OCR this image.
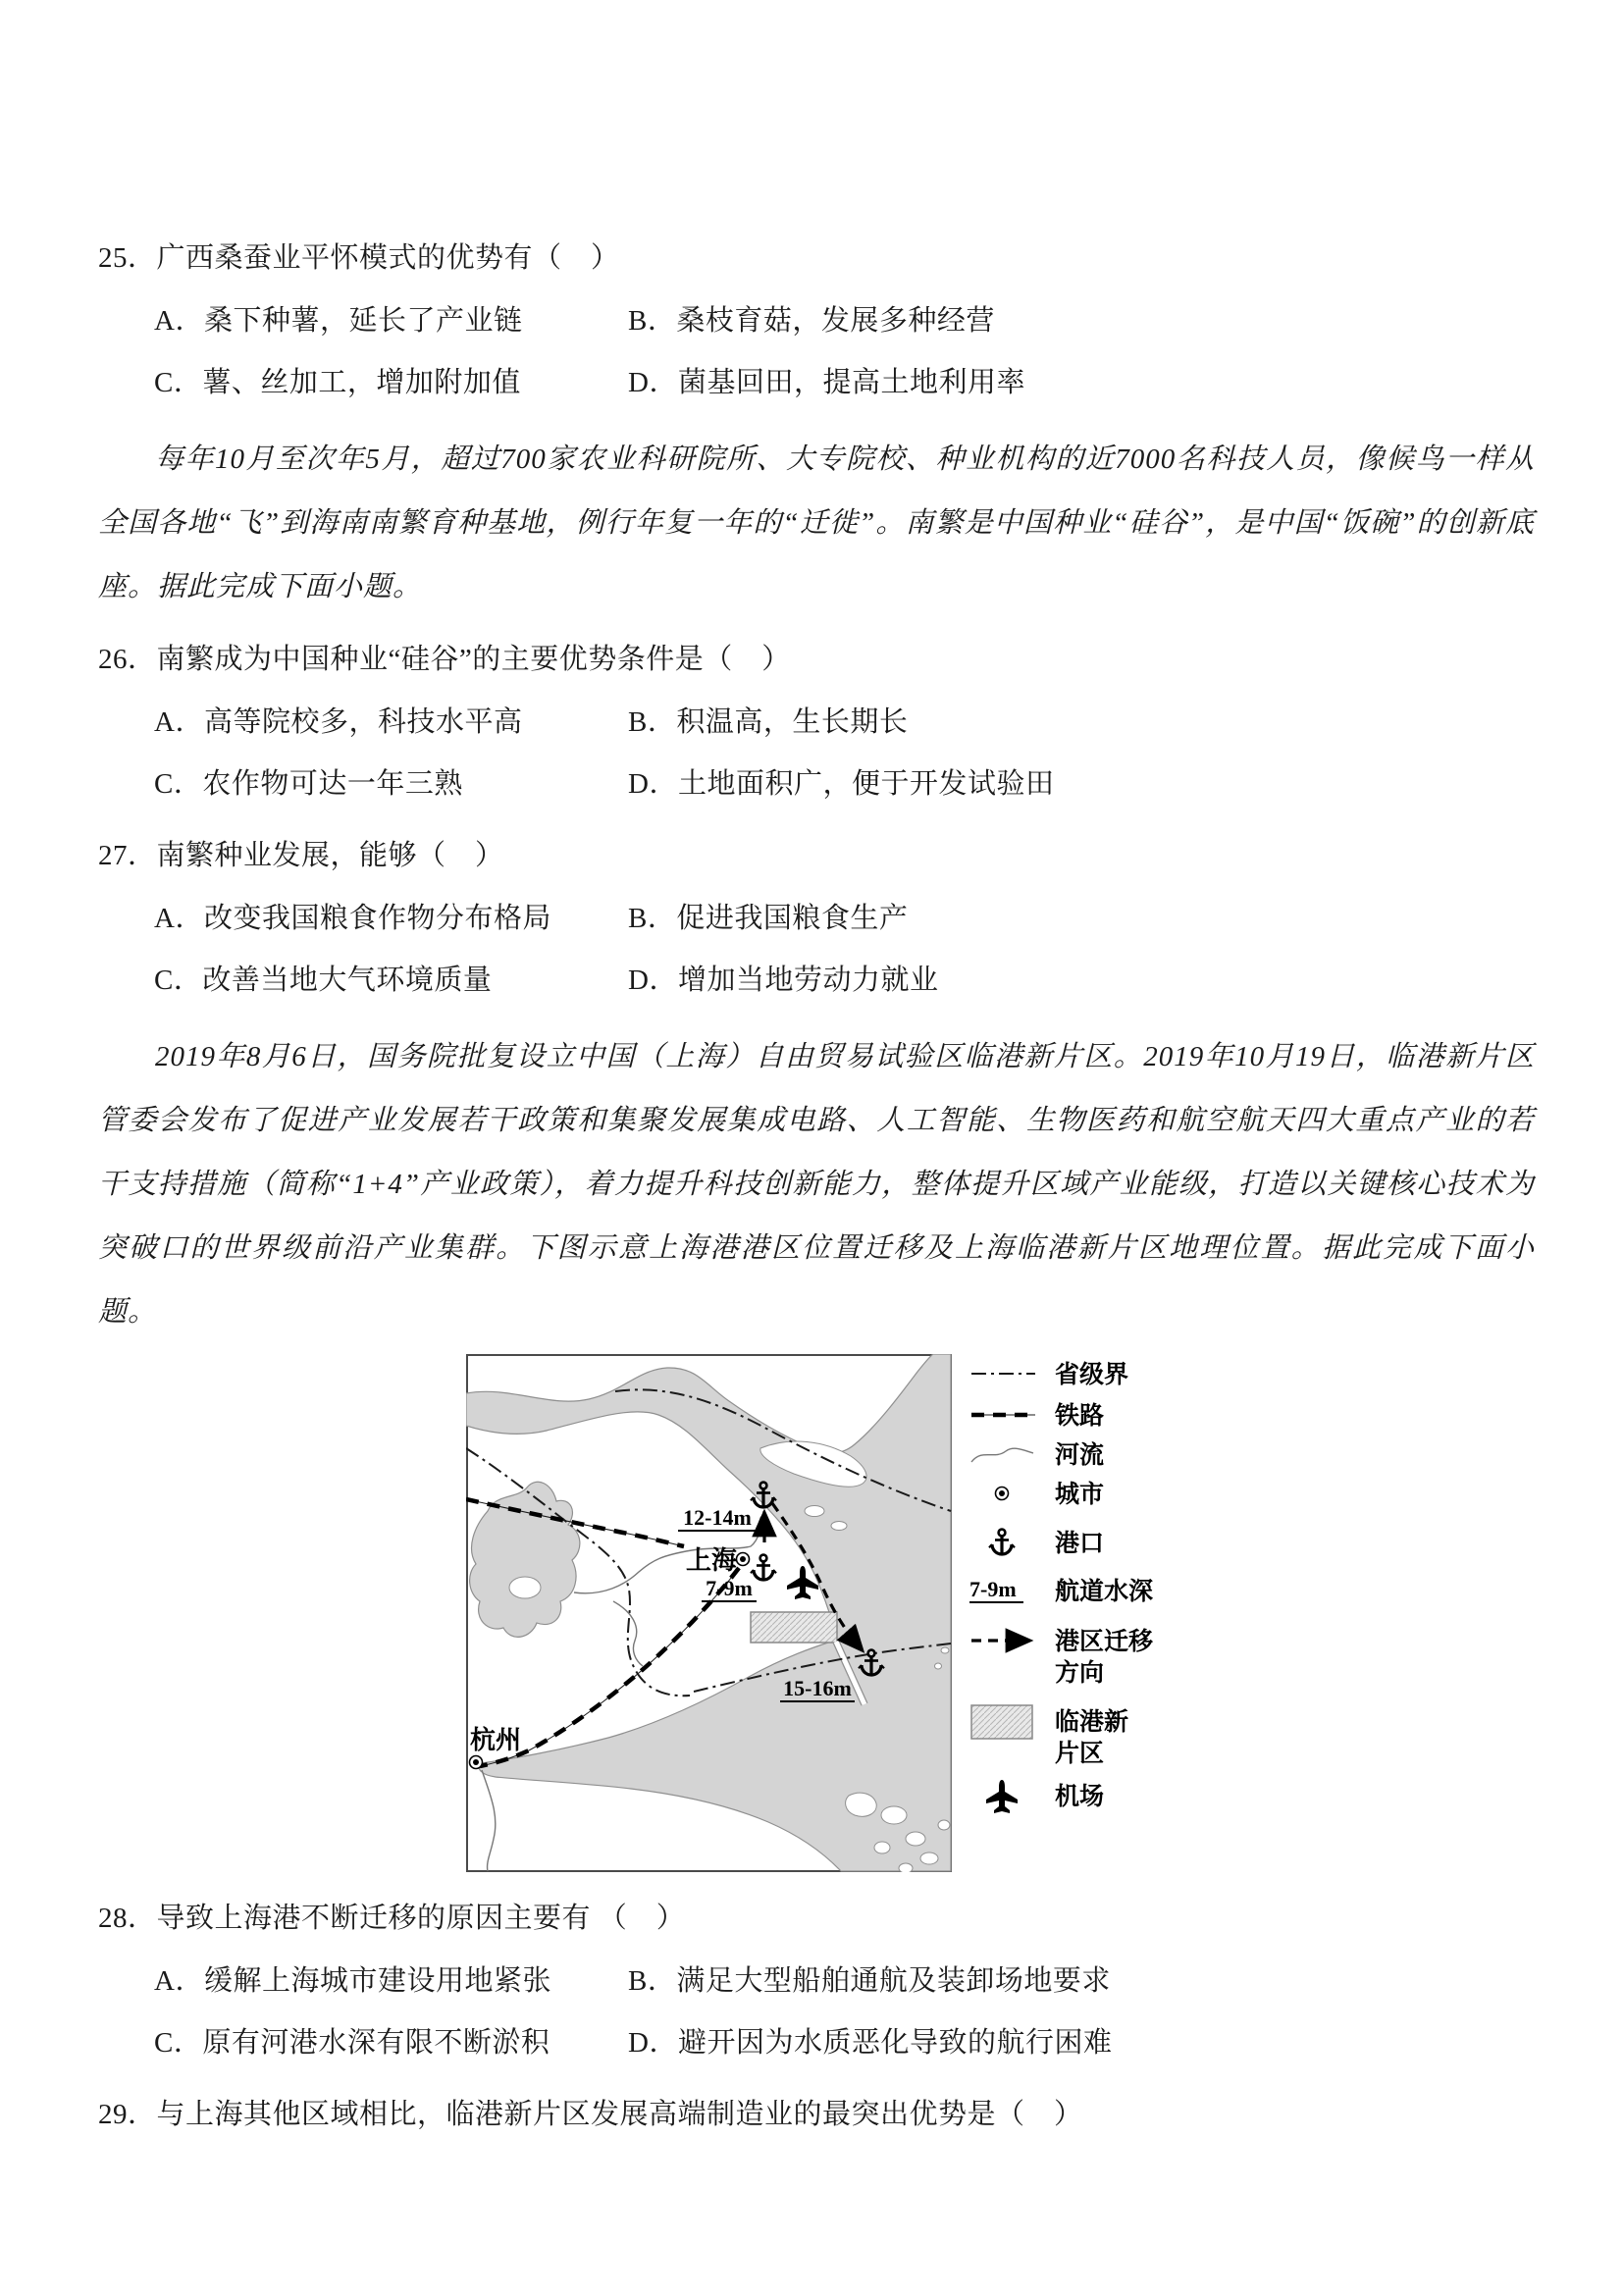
25．广西桑蚕业平怀模式的优势有（　）
A．桑下种薯，延长了产业链	B．桑枝育菇，发展多种经营
C．薯、丝加工，增加附加值	D．菌基回田，提高土地利用率

每年10月至次年5月，超过700家农业科研院所、大专院校、种业机构的近7000名科技人员，像候鸟一样从全国各地“飞”到海南南繁育种基地，例行年复一年的“迁徙”。南繁是中国种业“硅谷”，是中国“饭碗”的创新底座。据此完成下面小题。

26．南繁成为中国种业“硅谷”的主要优势条件是（　）
A．高等院校多，科技水平高	B．积温高，生长期长
C．农作物可达一年三熟	D．土地面积广，便于开发试验田
27．南繁种业发展，能够（　）
A．改变我国粮食作物分布格局	B．促进我国粮食生产
C．改善当地大气环境质量	D．增加当地劳动力就业

2019年8月6日，国务院批复设立中国（上海）自由贸易试验区临港新片区。2019年10月19日，临港新片区管委会发布了促进产业发展若干政策和集聚发展集成电路、人工智能、生物医药和航空航天四大重点产业的若干支持措施（简称“1+4”产业政策），着力提升科技创新能力，整体提升区域产业能级，打造以关键核心技术为突破口的世界级前沿产业集群。下图示意上海港港区位置迁移及上海临港新片区地理位置。据此完成下面小题。

上海
杭州
12-14m
7-9m
15-16m
省级界
铁路
河流
城市
港口
7-9m 航道水深
港区迁移
方向
临港新
片区
机场
28．导致上海港不断迁移的原因主要有 （　）
A．缓解上海城市建设用地紧张	B．满足大型船舶通航及装卸场地要求
C．原有河港水深有限不断淤积	D．避开因为水质恶化导致的航行困难
29．与上海其他区域相比，临港新片区发展高端制造业的最突出优势是（　）
